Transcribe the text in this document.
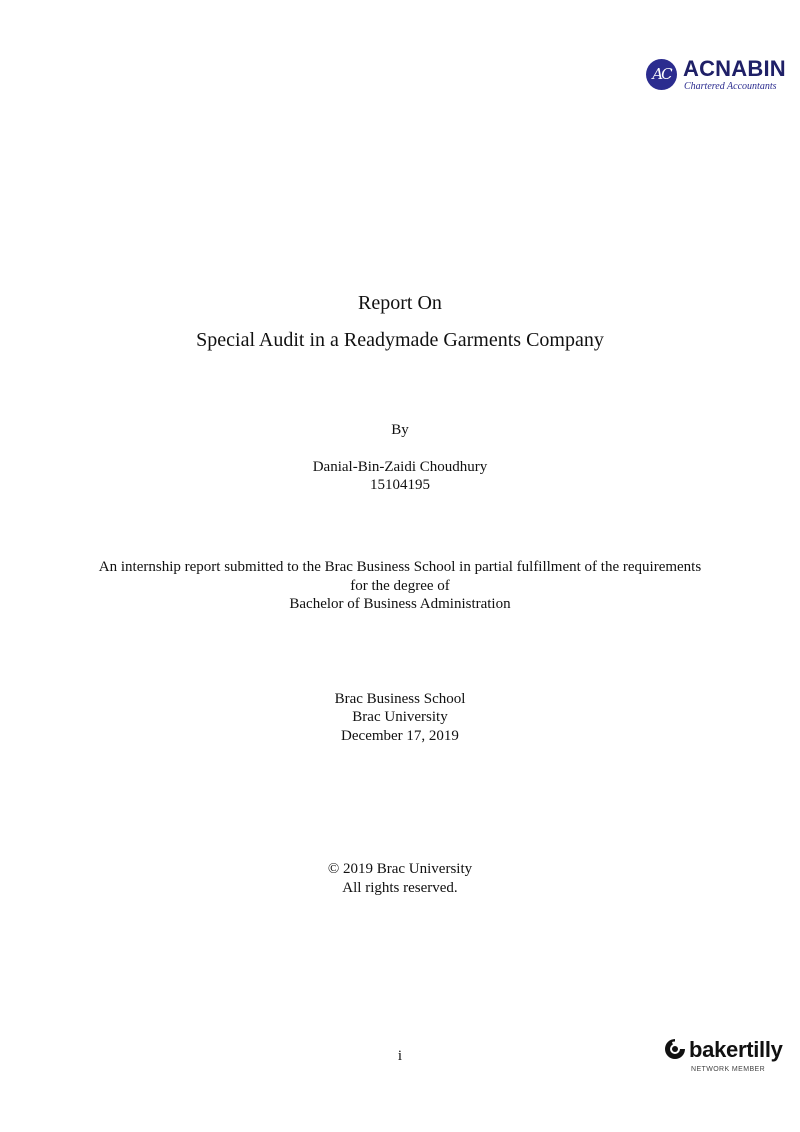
AC ACNABIN
Chartered Accountants
Report On
Special Audit in a Readymade Garments Company
By
Danial-Bin-Zaidi Choudhury
15104195
An internship report submitted to the Brac Business School in partial fulfillment of the requirements
for the degree of
Bachelor of Business Administration
Brac Business School
Brac University
December 17, 2019
© 2019 Brac University
All rights reserved.
i	bakertilly
NETWORK MEMBER
